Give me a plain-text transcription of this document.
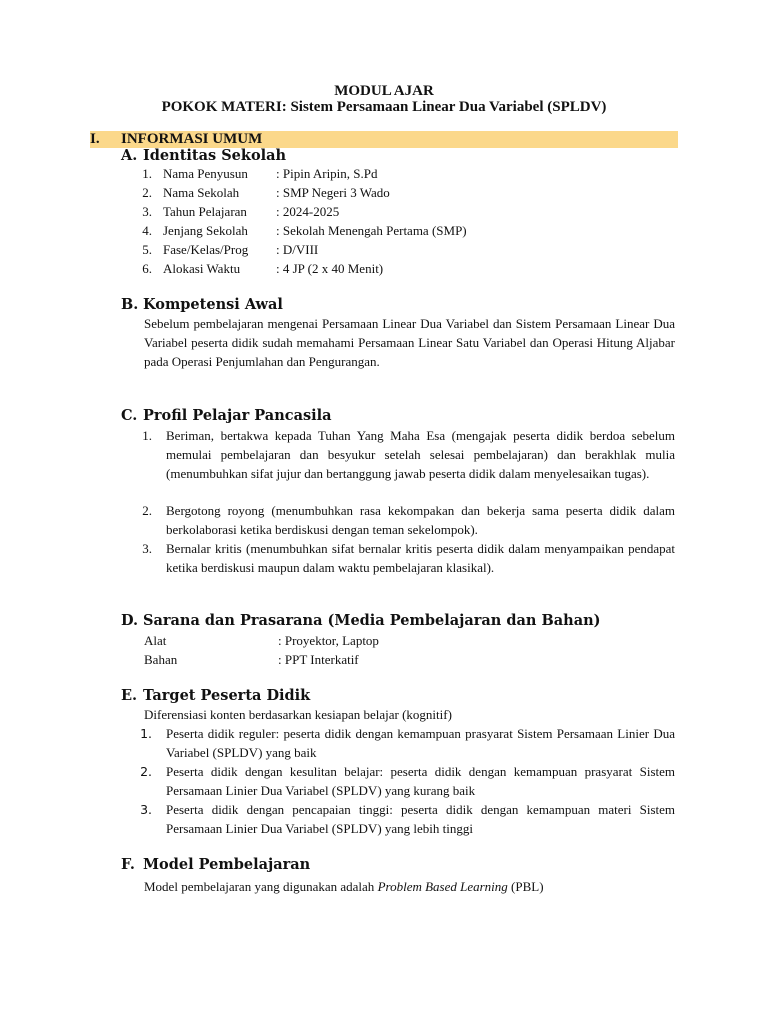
MODUL AJAR
POKOK MATERI: Sistem Persamaan Linear Dua Variabel (SPLDV)
I. INFORMASI UMUM
A. Identitas Sekolah
1. Nama Penyusun : Pipin Aripin, S.Pd
2. Nama Sekolah	: SMP Negeri 3 Wado
3. Tahun Pelajaran : 2024-2025
4. Jenjang Sekolah : Sekolah Menengah Pertama (SMP)
5. Fase/Kelas/Prog : D/VIII
6. Alokasi Waktu	: 4 JP (2 x 40 Menit)
B. Kompetensi Awal
Sebelum pembelajaran mengenai Persamaan Linear Dua Variabel dan Sistem Persamaan Linear Dua Variabel peserta didik sudah memahami Persamaan Linear Satu Variabel dan Operasi Hitung Aljabar pada Operasi Penjumlahan dan Pengurangan.
C. Profil Pelajar Pancasila
1. Beriman, bertakwa kepada Tuhan Yang Maha Esa (mengajak peserta didik berdoa sebelum memulai pembelajaran dan besyukur setelah selesai pembelajaran) dan berakhlak mulia (menumbuhkan sifat jujur dan bertanggung jawab peserta didik dalam menyelesaikan tugas).
2. Bergotong royong (menumbuhkan rasa kekompakan dan bekerja sama peserta didik dalam berkolaborasi ketika berdiskusi dengan teman sekelompok).
3. Bernalar kritis (menumbuhkan sifat bernalar kritis peserta didik dalam menyampaikan pendapat ketika berdiskusi maupun dalam waktu pembelajaran klasikal).
D. Sarana dan Prasarana (Media Pembelajaran dan Bahan)
Alat	: Proyektor, Laptop
Bahan	: PPT Interkatif
E. Target Peserta Didik
Diferensiasi konten berdasarkan kesiapan belajar (kognitif)
1. Peserta didik reguler: peserta didik dengan kemampuan prasyarat Sistem Persamaan Linier Dua Variabel (SPLDV) yang baik
2. Peserta didik dengan kesulitan belajar: peserta didik dengan kemampuan prasyarat Sistem Persamaan Linier Dua Variabel (SPLDV) yang kurang baik
3. Peserta didik dengan pencapaian tinggi: peserta didik dengan kemampuan materi Sistem Persamaan Linier Dua Variabel (SPLDV) yang lebih tinggi
F. Model Pembelajaran
Model pembelajaran yang digunakan adalah Problem Based Learning (PBL)
